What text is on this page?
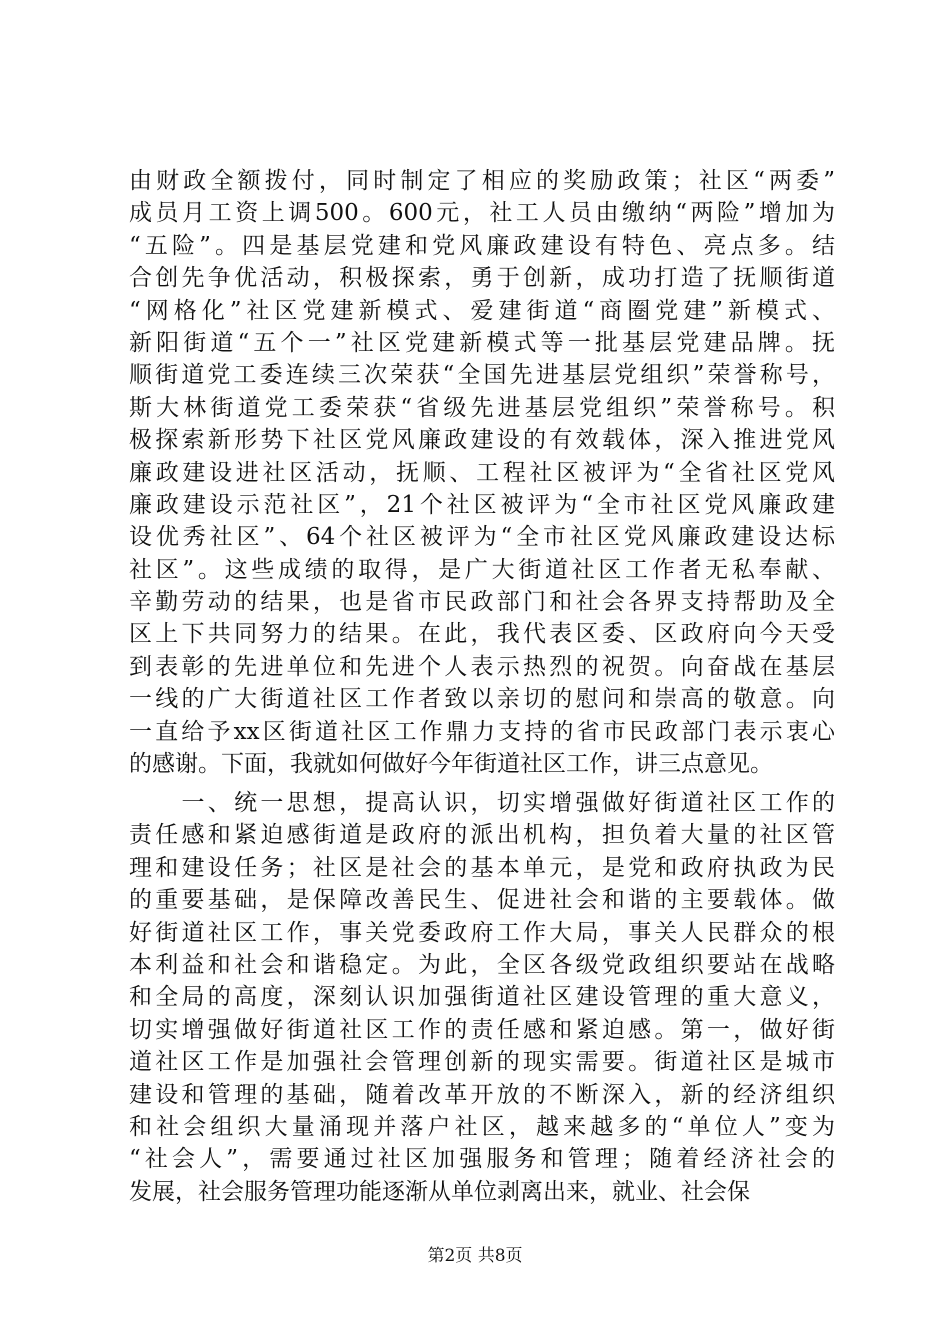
由财政全额拨付，同时制定了相应的奖励政策；社区“两委”
成员月工资上调500。600元，社工人员由缴纳“两险”增加为
“五险”。四是基层党建和党风廉政建设有特色、亮点多。结
合创先争优活动，积极探索，勇于创新，成功打造了抚顺街道
“网格化”社区党建新模式、爱建街道“商圈党建”新模式、
新阳街道“五个一”社区党建新模式等一批基层党建品牌。抚
顺街道党工委连续三次荣获“全国先进基层党组织”荣誉称号，
斯大林街道党工委荣获“省级先进基层党组织”荣誉称号。积
极探索新形势下社区党风廉政建设的有效载体，深入推进党风
廉政建设进社区活动，抚顺、工程社区被评为“全省社区党风
廉政建设示范社区”，21个社区被评为“全市社区党风廉政建
设优秀社区”、64个社区被评为“全市社区党风廉政建设达标
社区”。这些成绩的取得，是广大街道社区工作者无私奉献、
辛勤劳动的结果，也是省市民政部门和社会各界支持帮助及全
区上下共同努力的结果。在此，我代表区委、区政府向今天受
到表彰的先进单位和先进个人表示热烈的祝贺。向奋战在基层
一线的广大街道社区工作者致以亲切的慰问和崇高的敬意。向
一直给予xx区街道社区工作鼎力支持的省市民政部门表示衷心
的感谢。下面，我就如何做好今年街道社区工作，讲三点意见。
　　一、统一思想，提高认识，切实增强做好街道社区工作的
责任感和紧迫感街道是政府的派出机构，担负着大量的社区管
理和建设任务；社区是社会的基本单元，是党和政府执政为民
的重要基础，是保障改善民生、促进社会和谐的主要载体。做
好街道社区工作，事关党委政府工作大局，事关人民群众的根
本利益和社会和谐稳定。为此，全区各级党政组织要站在战略
和全局的高度，深刻认识加强街道社区建设管理的重大意义，
切实增强做好街道社区工作的责任感和紧迫感。第一，做好街
道社区工作是加强社会管理创新的现实需要。街道社区是城市
建设和管理的基础，随着改革开放的不断深入，新的经济组织
和社会组织大量涌现并落户社区，越来越多的“单位人”变为
“社会人”，需要通过社区加强服务和管理；随着经济社会的
发展，社会服务管理功能逐渐从单位剥离出来，就业、社会保
第2页 共8页
